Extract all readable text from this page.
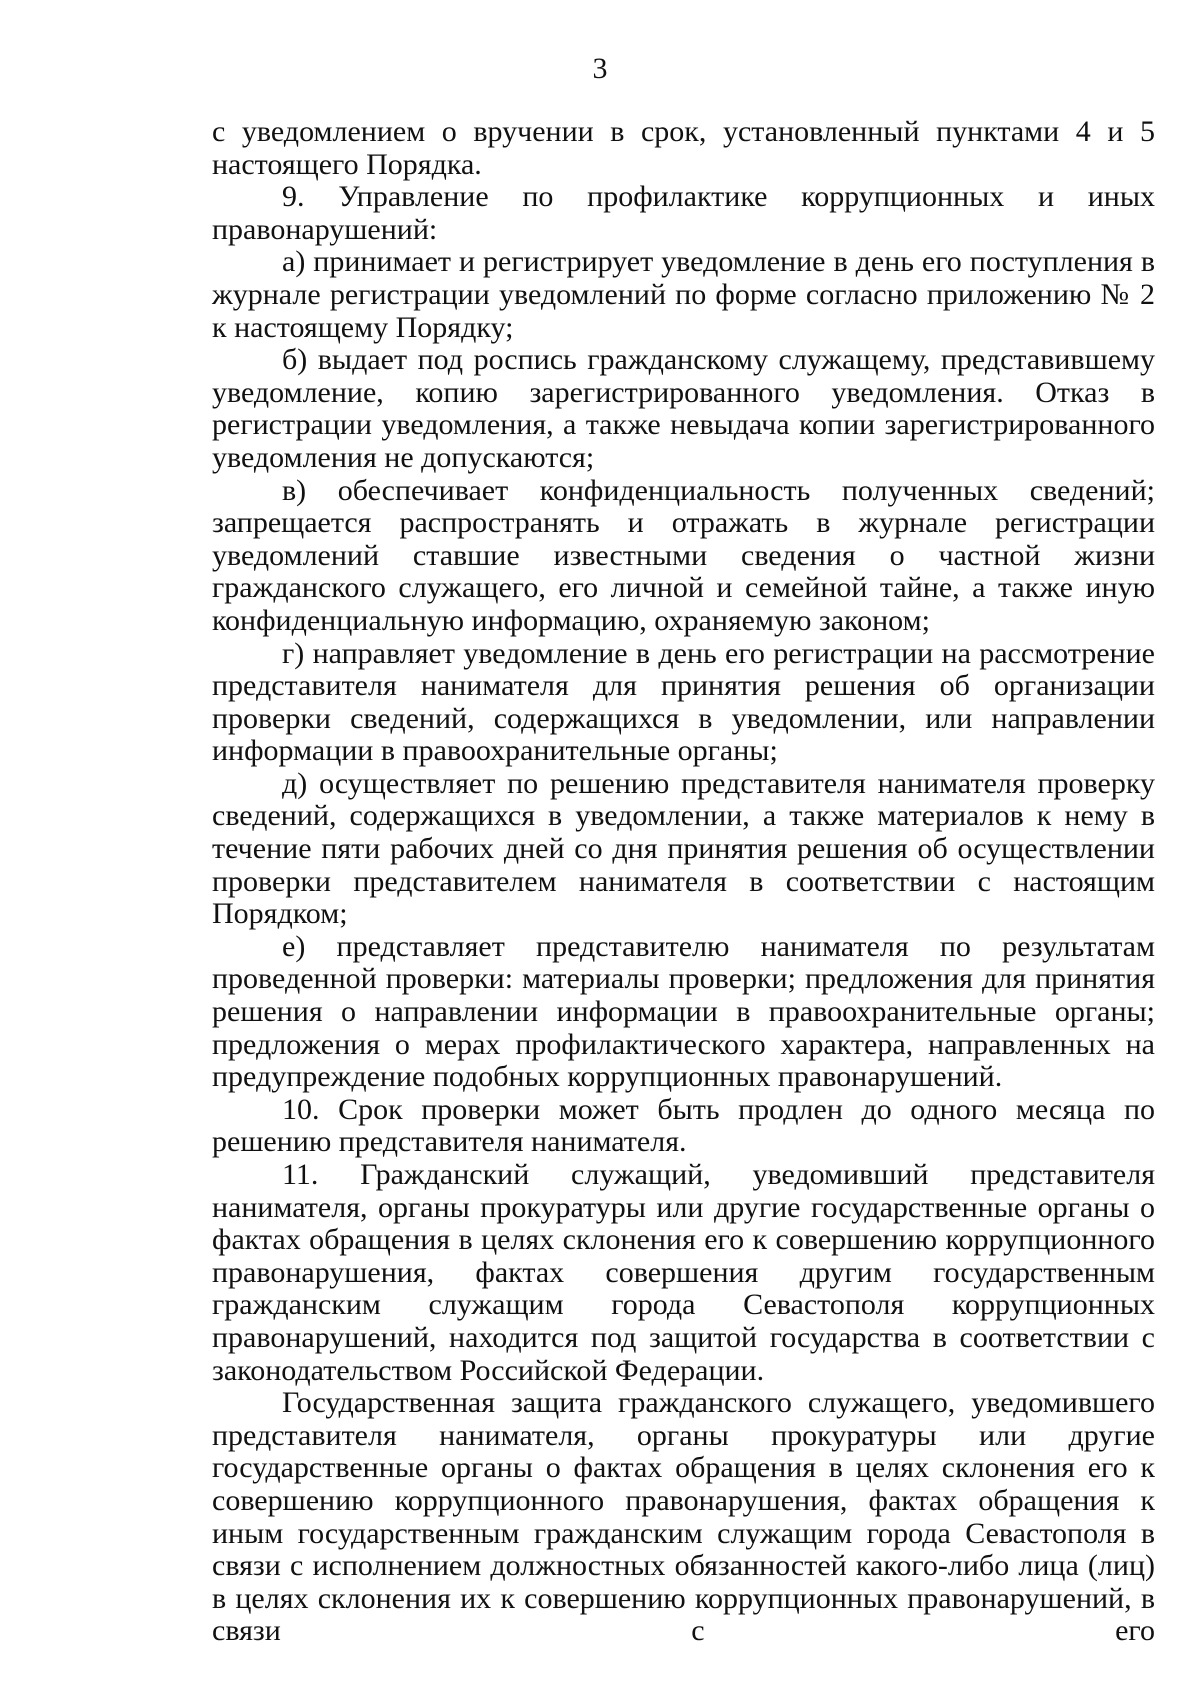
3

с уведомлением о вручении в срок, установленный пунктами 4 и 5 настоящего Порядка.

9. Управление по профилактике коррупционных и иных правонарушений:

а) принимает и регистрирует уведомление в день его поступления в журнале регистрации уведомлений по форме согласно приложению № 2 к настоящему Порядку;

б) выдает под роспись гражданскому служащему, представившему уведомление, копию зарегистрированного уведомления. Отказ в регистрации уведомления, а также невыдача копии зарегистрированного уведомления не допускаются;

в) обеспечивает конфиденциальность полученных сведений; запрещается распространять и отражать в журнале регистрации уведомлений ставшие известными сведения о частной жизни гражданского служащего, его личной и семейной тайне, а также иную конфиденциальную информацию, охраняемую законом;

г) направляет уведомление в день его регистрации на рассмотрение представителя нанимателя для принятия решения об организации проверки сведений, содержащихся в уведомлении, или направлении информации в правоохранительные органы;

д) осуществляет по решению представителя нанимателя проверку сведений, содержащихся в уведомлении, а также материалов к нему в течение пяти рабочих дней со дня принятия решения об осуществлении проверки представителем нанимателя в соответствии с настоящим Порядком;

е) представляет представителю нанимателя по результатам проведенной проверки: материалы проверки; предложения для принятия решения о направлении информации в правоохранительные органы; предложения о мерах профилактического характера, направленных на предупреждение подобных коррупционных правонарушений.

10. Срок проверки может быть продлен до одного месяца по решению представителя нанимателя.

11. Гражданский служащий, уведомивший представителя нанимателя, органы прокуратуры или другие государственные органы о фактах обращения в целях склонения его к совершению коррупционного правонарушения, фактах совершения другим государственным гражданским служащим города Севастополя коррупционных правонарушений, находится под защитой государства в соответствии с законодательством Российской Федерации.

Государственная защита гражданского служащего, уведомившего представителя нанимателя, органы прокуратуры или другие государственные органы о фактах обращения в целях склонения его к совершению коррупционного правонарушения, фактах обращения к иным государственным гражданским служащим города Севастополя в связи с исполнением должностных обязанностей какого-либо лица (лиц) в целях склонения их к совершению коррупционных правонарушений, в связи с его
